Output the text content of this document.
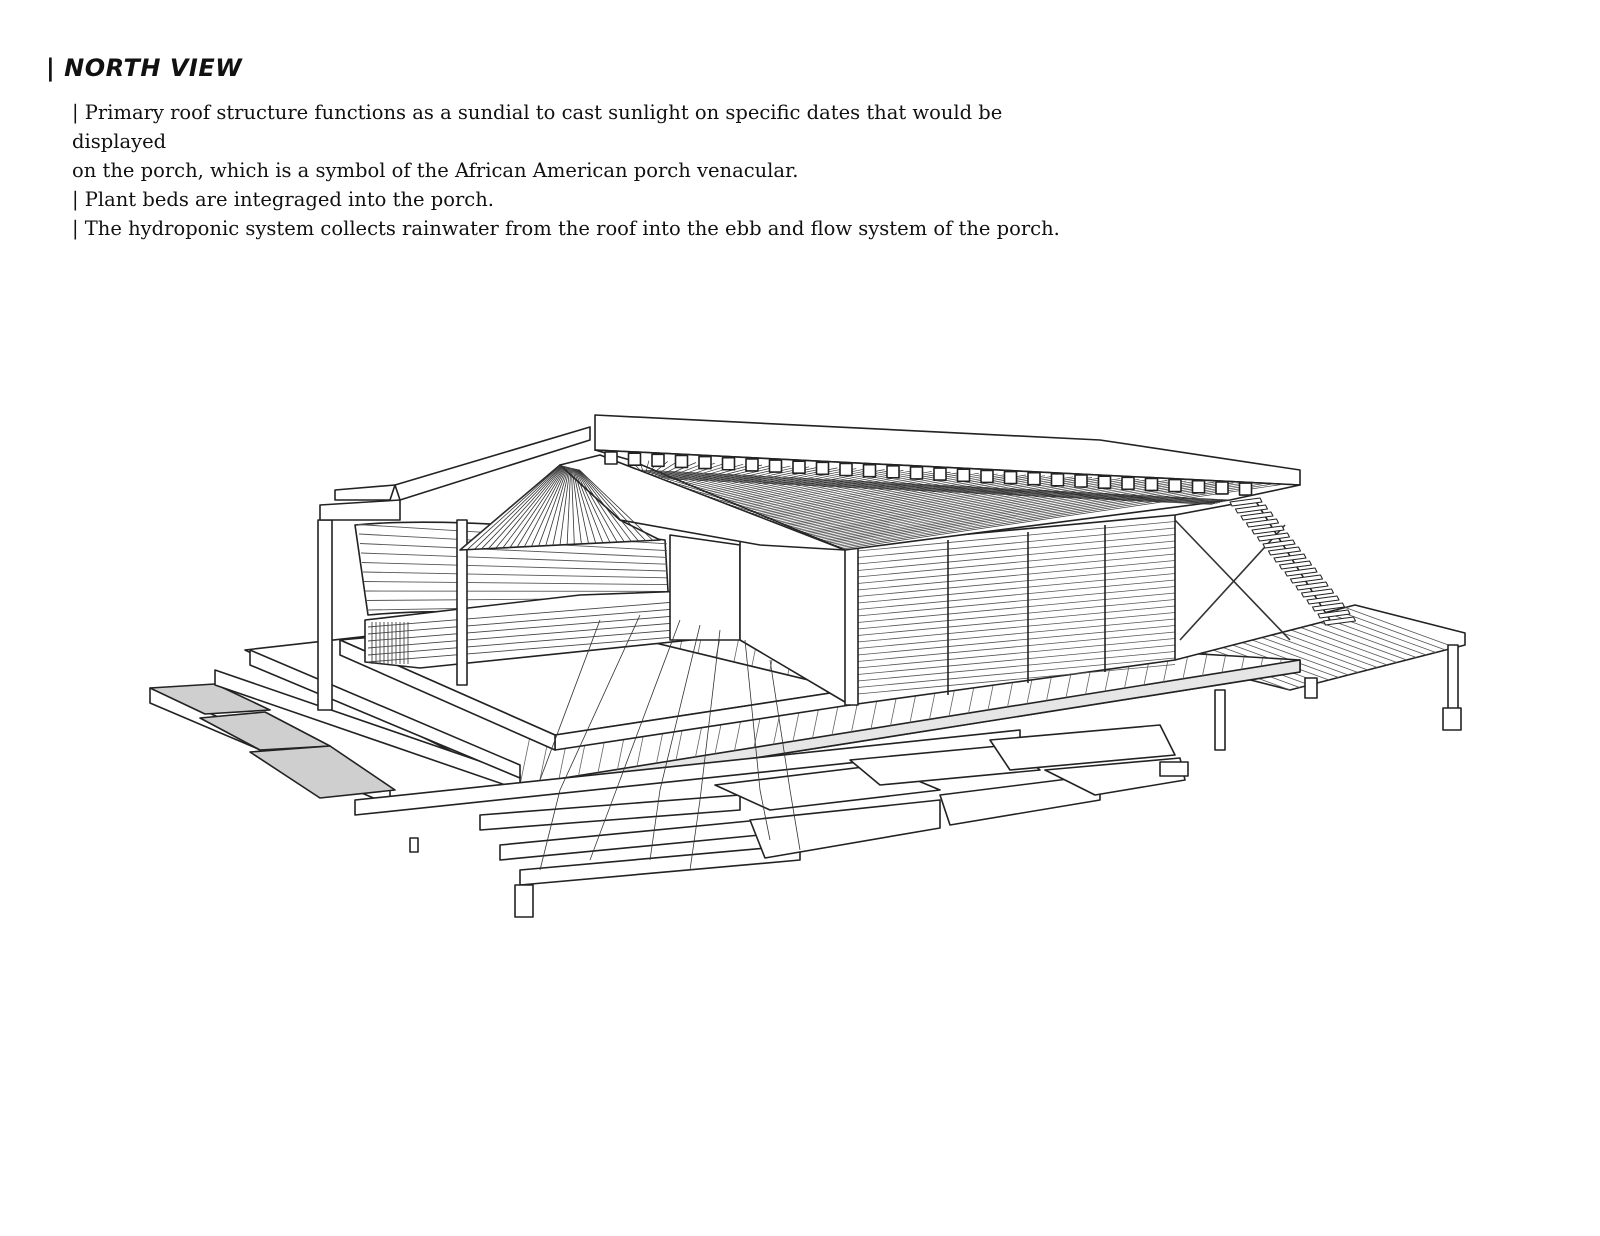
| NORTH VIEW

| Primary roof structure functions as a sundial to cast sunlight on specific dates that would be displayed

on the porch, which is a symbol of the African American porch venacular.

| Plant beds are integraged into the porch.

| The hydroponic system collects rainwater from the roof into the ebb and flow system of the porch.
